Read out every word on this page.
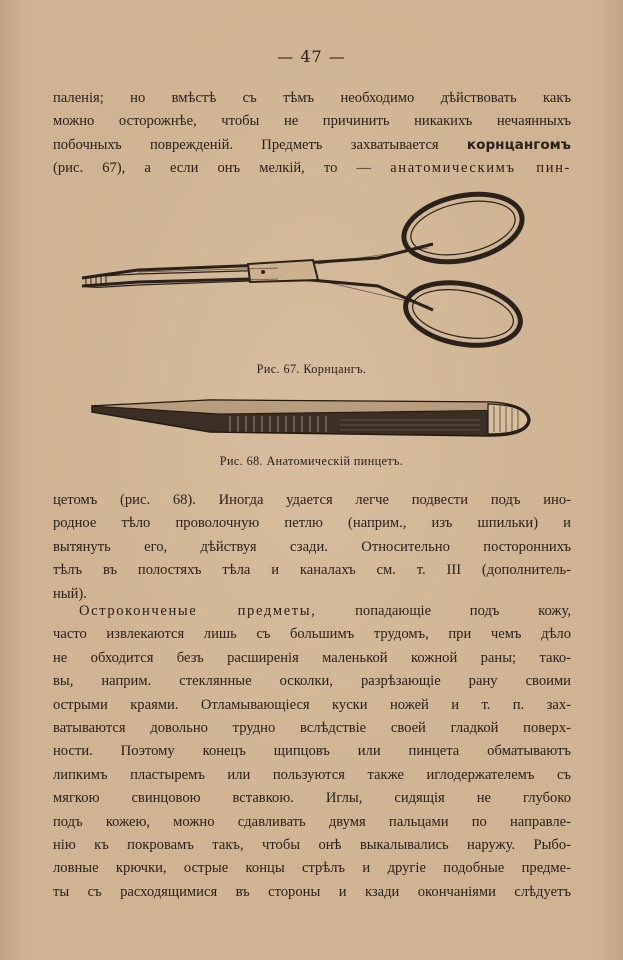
— 47 —

паленія; но вмѣстѣ съ тѣмъ необходимо дѣйствовать какъ
можно осторожнѣе, чтобы не причинить никакихъ нечаянныхъ
побочныхъ поврежденій. Предметъ захватывается корнцангомъ
(рис. 67), а если онъ мелкій, то — анатомическимъ пин-

Рис. 67. Корнцангъ.
Рис. 68. Анатомическій пинцетъ.

цетомъ (рис. 68). Иногда удается легче подвести подъ ино-
родное тѣло проволочную петлю (наприм., изъ шпильки) и
вытянуть его, дѣйствуя сзади. Относительно постороннихъ
тѣлъ въ полостяхъ тѣла и каналахъ см. т. III (дополнитель-
ный).

Остроконченые предметы, попадающіе подъ кожу,
часто извлекаются лишь съ большимъ трудомъ, при чемъ дѣло
не обходится безъ расширенія маленькой кожной раны; тако-
вы, наприм. стеклянные осколки, разрѣзающіе рану своими
острыми краями. Отламывающіеся куски ножей и т. п. зах-
ватываются довольно трудно вслѣдствіе своей гладкой поверх-
ности. Поэтому конецъ щипцовъ или пинцета обматываютъ
липкимъ пластыремъ или пользуются также иглодержателемъ съ
мягкою свинцовою вставкою. Иглы, сидящія не глубоко
подъ кожею, можно сдавливать двумя пальцами по направле-
нію къ покровамъ такъ, чтобы онѣ выкалывались наружу. Рыбо-
ловные крючки, острые концы стрѣлъ и другіе подобные предме-
ты съ расходящимися въ стороны и кзади окончаніями слѣдуетъ
